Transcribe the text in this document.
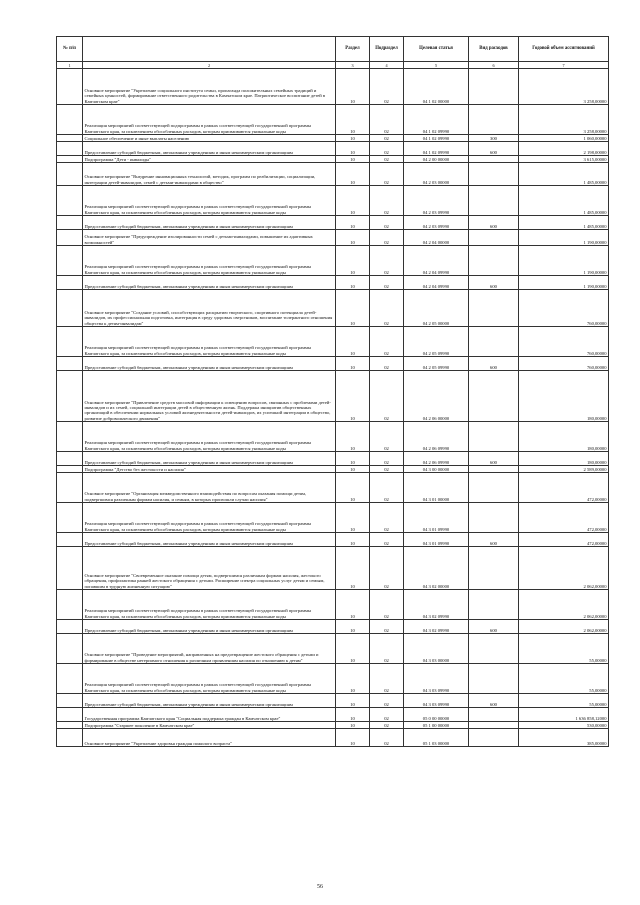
№ п/п		Раздел	Подраздел	Целевая статья	Вид расходов	Годовой объем ассигнований
1	2	3	4	5	6	7
	Основное мероприятие "Укрепление социального института семьи, пропаганда положительных семейных традиций и семейных ценностей, формирование ответственного родительства в Камчатском крае. Патриотическое воспитание детей в Камчатском крае"	10	02	04 1 02 00000		3 258,00000
	Реализация мероприятий соответствующей подпрограммы в рамках соответствующей государственной программы Камчатского края, за исключением обособленных расходов, которым присваиваются уникальные коды	10	02	04 1 02 09990		3 258,00000
	Социальное обеспечение и иные выплаты населению	10	02	04 1 02 09990	300	1 060,00000
	Предоставление субсидий бюджетным, автономным учреждениям и иным некоммерческим организациям	10	02	04 1 02 09990	600	2 198,00000
	Подпрограмма "Дети - инвалиды"	10	02	04 2 00 00000		3 615,00000
	Основное мероприятие "Внедрение инновационных технологий, методик, программ по реабилитации, социализации, интеграции детей-инвалидов, семей с детьми-инвалидами в общество"	10	02	04 2 03 00000		1 485,00000
	Реализация мероприятий соответствующей подпрограммы в рамках соответствующей государственной программы Камчатского края, за исключением обособленных расходов, которым присваиваются уникальные коды	10	02	04 2 03 09990		1 485,00000
	Предоставление субсидий бюджетным, автономным учреждениям и иным некоммерческим организациям	10	02	04 2 03 09990	600	1 485,00000
	Основное мероприятие "Предупреждение изолированности семей с детьми-инвалидами, повышение их адаптивных возможностей"	10	02	04 2 04 00000		1 190,00000
	Реализация мероприятий соответствующей подпрограммы в рамках соответствующей государственной программы Камчатского края, за исключением обособленных расходов, которым присваиваются уникальные коды	10	02	04 2 04 09990		1 190,00000
	Предоставление субсидий бюджетным, автономным учреждениям и иным некоммерческим организациям	10	02	04 2 04 09990	600	1 190,00000
	Основное мероприятие "Создание условий, способствующих раскрытию творческого, спортивного потенциала детей-инвалидов, их профессиональная подготовка, интеграция в среду здоровых сверстников, воспитание толерантного отношения общества к детям-инвалидам"	10	02	04 2 05 00000		760,00000
	Реализация мероприятий соответствующей подпрограммы в рамках соответствующей государственной программы Камчатского края, за исключением обособленных расходов, которым присваиваются уникальные коды	10	02	04 2 05 09990		760,00000
	Предоставление субсидий бюджетным, автономным учреждениям и иным некоммерческим организациям	10	02	04 2 05 09990	600	760,00000
	Основное мероприятие "Привлечение средств массовой информации к освещению вопросов, связанных с проблемами детей-инвалидов и их семей, социальной интеграции детей в общественную жизнь. Поддержка инициатив общественных организаций в обеспечении нормальных условий жизнедеятельности детей-инвалидов, их успешной интеграции в общество, развитие добровольческого движения"	10	02	04 2 06 00000		180,00000
	Реализация мероприятий соответствующей подпрограммы в рамках соответствующей государственной программы Камчатского края, за исключением обособленных расходов, которым присваиваются уникальные коды	10	02	04 2 06 09990		180,00000
	Предоставление субсидий бюджетным, автономным учреждениям и иным некоммерческим организациям	10	02	04 2 06 09990	600	180,00000
	Подпрограмма "Детство без жестокости и насилия"	10	02	04 3 00 00000		2 589,00000
	Основное мероприятие "Организация межведомственного взаимодействия по вопросам оказания помощи детям, подвергшимся различным формам насилия, и семьям, в которых произошли случаи насилия"	10	02	04 3 01 00000		472,00000
	Реализация мероприятий соответствующей подпрограммы в рамках соответствующей государственной программы Камчатского края, за исключением обособленных расходов, которым присваиваются уникальные коды	10	02	04 3 01 09990		472,00000
	Предоставление субсидий бюджетным, автономным учреждениям и иным некоммерческим организациям	10	02	04 3 01 09990	600	472,00000
	Основное мероприятие "Своевременное оказание помощи детям, подвергшимся различным формам насилия, жестокого обращения, профилактика ранней жестокого обращения с детьми. Расширение спектра социальных услуг детям и семьям, попавшим в трудную жизненную ситуацию"	10	02	04 3 02 00000		2 062,00000
	Реализация мероприятий соответствующей подпрограммы в рамках соответствующей государственной программы Камчатского края, за исключением обособленных расходов, которым присваиваются уникальные коды	10	02	04 3 02 09990		2 062,00000
	Предоставление субсидий бюджетным, автономным учреждениям и иным некоммерческим организациям	10	02	04 3 02 09990	600	2 062,00000
	Основное мероприятие "Проведение мероприятий, направленных на предотвращение жестокого обращения с детьми и формирование в обществе нетерпимого отношения к различным проявлениям насилия по отношению к детям"	10	02	04 3 03 00000		55,00000
	Реализация мероприятий соответствующей подпрограммы в рамках соответствующей государственной программы Камчатского края, за исключением обособленных расходов, которым присваиваются уникальные коды	10	02	04 3 03 09990		55,00000
	Предоставление субсидий бюджетным, автономным учреждениям и иным некоммерческим организациям	10	02	04 3 03 09990	600	55,00000
	Государственная программа Камчатского края "Социальная поддержка граждан в Камчатском крае"	10	02	05 0 00 00000		1 636 858,12000
	Подпрограмма "Старшее поколение в Камчатском крае"	10	02	05 1 00 00000		530,00000
	Основное мероприятие "Укрепление здоровья граждан пожилого возраста"	10	02	05 1 03 00000		385,00000
56
